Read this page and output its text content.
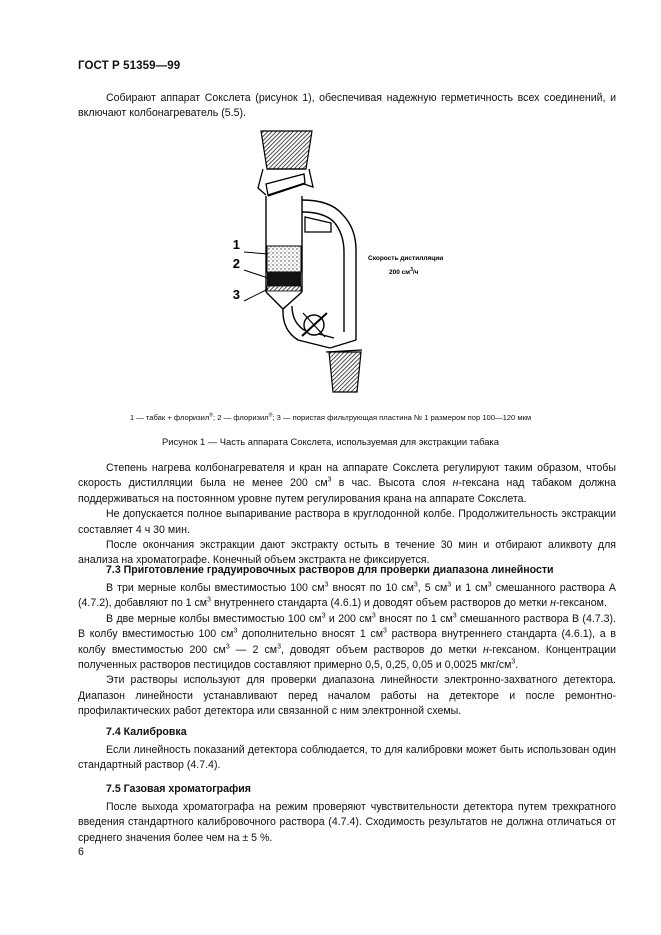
ГОСТ Р 51359—99

Собирают аппарат Сокслета (рисунок 1), обеспечивая надежную герметичность всех соединений, и включают колбонагреватель (5.5).

1
2
3
Скорость дистилляции
200 $см^3/ч$
1 — табак + флоризил®; 2 — флоризил®; 3 — пористая фильтрующая пластина № 1 размером пор 100—120 мкм
Рисунок 1 — Часть аппарата Сокслета, используемая для экстракции табака

Степень нагрева колбонагревателя и кран на аппарате Сокслета регулируют таким образом, чтобы скорость дистилляции была не менее 200 $см^3$ в час. Высота слоя н-гексана над табаком должна поддерживаться на постоянном уровне путем регулирования крана на аппарате Сокслета.

Не допускается полное выпаривание раствора в круглодонной колбе. Продолжительность экстракции составляет 4 ч 30 мин.

После окончания экстракции дают экстракту остыть в течение 30 мин и отбирают аликвоту для анализа на хроматографе. Конечный объем экстракта не фиксируется.

7.3 Приготовление градуировочных растворов для проверки диапазона линейности

В три мерные колбы вместимостью 100 $см^3$ вносят по 10 $см^3$, 5 $см^3$ и 1 $см^3$ смешанного раствора А (4.7.2), добавляют по 1 $см^3$ внутреннего стандарта (4.6.1) и доводят объем растворов до метки н-гексаном.

В две мерные колбы вместимостью 100 $см^3$ и 200 $см^3$ вносят по 1 $см^3$ смешанного раствора В (4.7.3). В колбу вместимостью 100 $см^3$ дополнительно вносят 1 $см^3$ раствора внутреннего стандарта (4.6.1), а в колбу вместимостью 200 $см^3$ — 2 $см^3$, доводят объем растворов до метки н-гексаном. Концентрации полученных растворов пестицидов составляют примерно 0,5, 0,25, 0,05 и 0,0025 мкг/$см^3$.

Эти растворы используют для проверки диапазона линейности электронно-захватного детектора. Диапазон линейности устанавливают перед началом работы на детекторе и после ремонтно-профилактических работ детектора или связанной с ним электронной схемы.

7.4 Калибровка

Если линейность показаний детектора соблюдается, то для калибровки может быть использован один стандартный раствор (4.7.4).

7.5 Газовая хроматография

После выхода хроматографа на режим проверяют чувствительности детектора путем трехкратного введения стандартного калибровочного раствора (4.7.4). Сходимость результатов не должна отличаться от среднего значения более чем на ± 5 %.

6
